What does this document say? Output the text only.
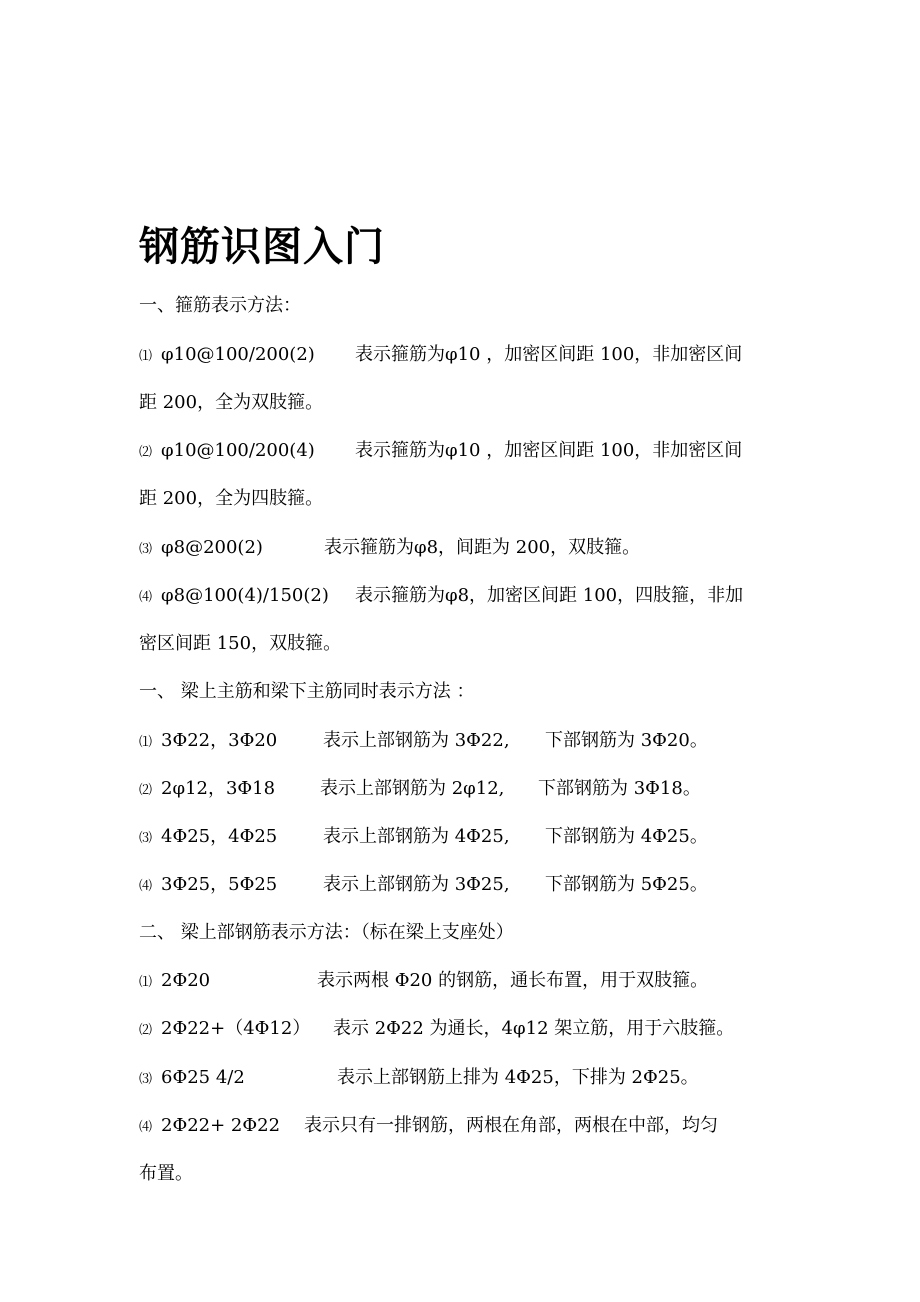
钢筋识图入门
一、箍筋表示方法：
⑴ φ10@100/200(2) 表示箍筋为φ10 ，加密区间距 100，非加密区间
距 200，全为双肢箍。
⑵ φ10@100/200(4) 表示箍筋为φ10 ，加密区间距 100，非加密区间
距 200，全为四肢箍。
⑶ φ8@200(2)	表示箍筋为φ8，间距为 200，双肢箍。
⑷ φ8@100(4)/150(2) 表示箍筋为φ8，加密区间距 100，四肢箍，非加
密区间距 150，双肢箍。
一、 梁上主筋和梁下主筋同时表示方法 ：
⑴ 3Φ22，3Φ20	表示上部钢筋为 3Φ22, 下部钢筋为 3Φ20。
⑵ 2φ12，3Φ18 表示上部钢筋为 2φ12, 下部钢筋为 3Φ18。
⑶ 4Φ25，4Φ25	表示上部钢筋为 4Φ25, 下部钢筋为 4Φ25。
⑷ 3Φ25，5Φ25	表示上部钢筋为 3Φ25, 下部钢筋为 5Φ25。
二、 梁上部钢筋表示方法：（标在梁上支座处）
⑴ 2Φ20	表示两根 Φ20 的钢筋，通长布置，用于双肢箍。
⑵ 2Φ22+（4Φ12） 表示 2Φ22 为通长，4φ12 架立筋，用于六肢箍。
⑶ 6Φ25 4/2	表示上部钢筋上排为 4Φ25，下排为 2Φ25。
⑷ 2Φ22+ 2Φ22 表示只有一排钢筋，两根在角部，两根在中部，均匀
布置。
